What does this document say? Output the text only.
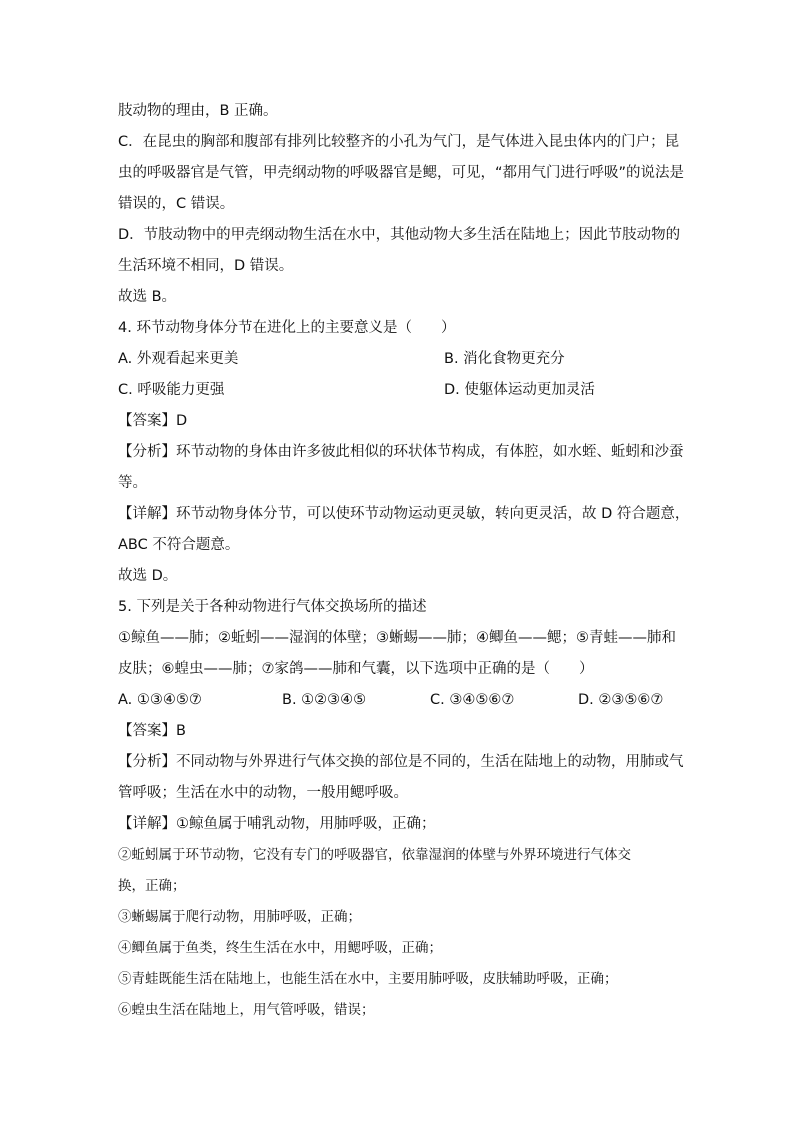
肢动物的理由，B 正确。
C．在昆虫的胸部和腹部有排列比较整齐的小孔为气门，是气体进入昆虫体内的门户；昆
虫的呼吸器官是气管，甲壳纲动物的呼吸器官是鳃，可见，“都用气门进行呼吸”的说法是
错误的，C 错误。
D．节肢动物中的甲壳纲动物生活在水中，其他动物大多生活在陆地上；因此节肢动物的
生活环境不相同，D 错误。
故选 B。
4. 环节动物身体分节在进化上的主要意义是（　　）
A. 外观看起来更美	B. 消化食物更充分
C. 呼吸能力更强	D. 使躯体运动更加灵活
【答案】D
【分析】环节动物的身体由许多彼此相似的环状体节构成，有体腔，如水蛭、蚯蚓和沙蚕
等。
【详解】环节动物身体分节，可以使环节动物运动更灵敏，转向更灵活，故 D 符合题意，
ABC 不符合题意。
故选 D。
5. 下列是关于各种动物进行气体交换场所的描述
①鲸鱼——肺；②蚯蚓——湿润的体壁；③蜥蜴——肺；④鲫鱼——鳃；⑤青蛙——肺和
皮肤；⑥蝗虫——肺；⑦家鸽——肺和气囊，以下选项中正确的是（　　）
A. ①③④⑤⑦	B. ①②③④⑤	C. ③④⑤⑥⑦	D. ②③⑤⑥⑦
【答案】B
【分析】不同动物与外界进行气体交换的部位是不同的，生活在陆地上的动物，用肺或气
管呼吸；生活在水中的动物，一般用鳃呼吸。
【详解】①鲸鱼属于哺乳动物，用肺呼吸，正确；
②蚯蚓属于环节动物，它没有专门的呼吸器官，依靠湿润的体壁与外界环境进行气体交
换，正确；
③蜥蜴属于爬行动物，用肺呼吸，正确；
④鲫鱼属于鱼类，终生生活在水中，用鳃呼吸，正确；
⑤青蛙既能生活在陆地上，也能生活在水中，主要用肺呼吸，皮肤辅助呼吸，正确；
⑥蝗虫生活在陆地上，用气管呼吸，错误；
